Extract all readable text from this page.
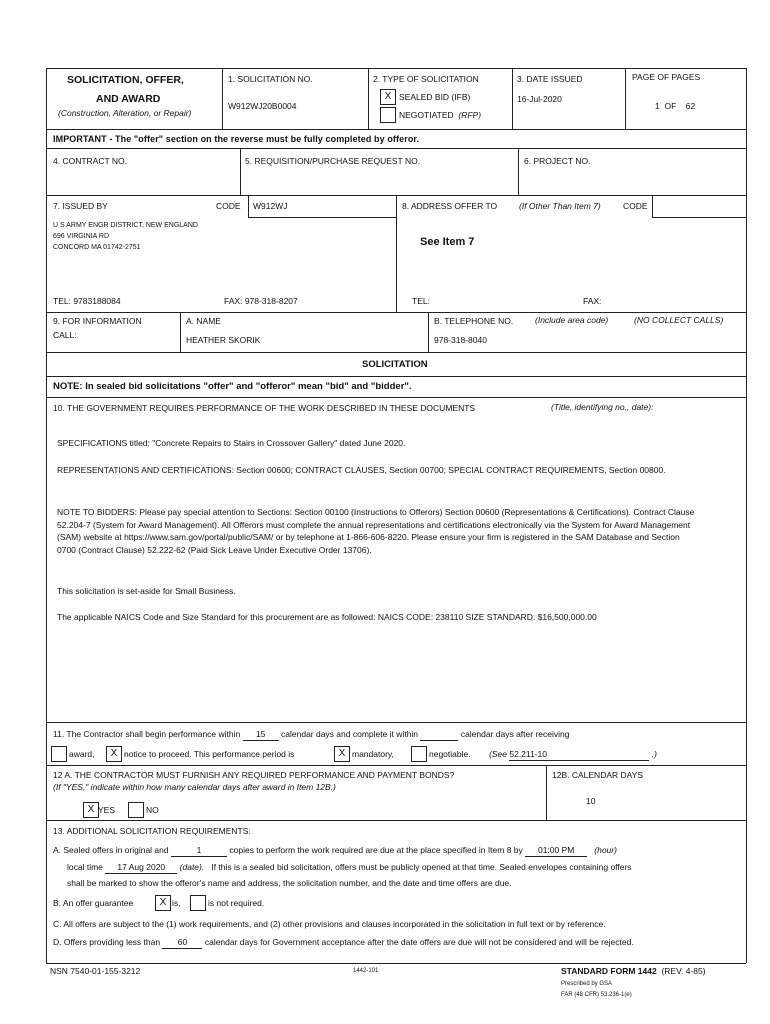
SOLICITATION, OFFER,
AND AWARD
(Construction, Alteration, or Repair)
1. SOLICITATION NO.
W912WJ20B0004
2. TYPE OF SOLICITATION
X SEALED BID (IFB)
NEGOTIATED (RFP)
3. DATE ISSUED
16-Jul-2020
PAGE OF PAGES
1 OF 62
IMPORTANT - The "offer" section on the reverse must be fully completed by offeror.
4. CONTRACT NO.	5. REQUISITION/PURCHASE REQUEST NO.	6. PROJECT NO.
7. ISSUED BY	CODE W912WJ
U S ARMY ENGR DISTRICT, NEW ENGLAND
696 VIRGINIA RD
CONCORD MA 01742-2751
8. ADDRESS OFFER TO	(If Other Than Item 7)	CODE
See Item 7
TEL: 9783188084	FAX: 978-318-8207	TEL:	FAX:
9. FOR INFORMATION
CALL:
A. NAME
HEATHER SKORIK
B. TELEPHONE NO.	(Include area code)	(NO COLLECT CALLS)
978-318-8040
SOLICITATION
NOTE: In sealed bid solicitations "offer" and "offeror" mean "bid" and "bidder".
10. THE GOVERNMENT REQUIRES PERFORMANCE OF THE WORK DESCRIBED IN THESE DOCUMENTS	(Title, identifying no., date):
SPECIFICATIONS titled: "Concrete Repairs to Stairs in Crossover Gallery" dated June 2020.
REPRESENTATIONS AND CERTIFICATIONS: Section 00600; CONTRACT CLAUSES, Section 00700; SPECIAL CONTRACT REQUIREMENTS, Section 00800.
NOTE TO BIDDERS: Please pay special attention to Sections: Section 00100 (Instructions to Offerors) Section 00600 (Representations & Certifications). Contract Clause 52.204-7 (System for Award Management). All Offerors must complete the annual representations and certifications electronically via the System for Award Management (SAM) website at https://www.sam.gov/portal/public/SAM/ or by telephone at 1-866-606-8220. Please ensure your firm is registered in the SAM Database and Section 0700 (Contract Clause) 52.222-62 (Paid Sick Leave Under Executive Order 13706).
This solicitation is set-aside for Small Business.
The applicable NAICS Code and Size Standard for this procurement are as followed: NAICS CODE: 238110 SIZE STANDARD: $16,500,000.00
11. The Contractor shall begin performance within 15 calendar days and complete it within	calendar days after receiving
award,	X notice to proceed. This performance period is	X mandatory,	negotiable. (See 52.211-10	.)
12 A. THE CONTRACTOR MUST FURNISH ANY REQUIRED PERFORMANCE AND PAYMENT BONDS?
(If "YES," indicate within how many calendar days after award in Item 12B.)
X YES	NO
12B. CALENDAR DAYS
10
13. ADDITIONAL SOLICITATION REQUIREMENTS:
A. Sealed offers in original and	1	copies to perform the work required are due at the place specified in Item 8 by 01:00 PM (hour)
local time 17 Aug 2020 (date). If this is a sealed bid solicitation, offers must be publicly opened at that time. Sealed envelopes containing offers
shall be marked to show the offeror's name and address, the solicitation number, and the date and time offers are due.
B. An offer guarantee	X is,	is not required.
C. All offers are subject to the (1) work requirements, and (2) other provisions and clauses incorporated in the solicitation in full text or by reference.
D. Offers providing less than 60 calendar days for Government acceptance after the date offers are due will not be considered and will be rejected.
NSN 7540-01-155-3212	1442-101	STANDARD FORM 1442 (REV. 4-85)
Prescribed by GSA
FAR (48 CFR) 53.236-1(e)
